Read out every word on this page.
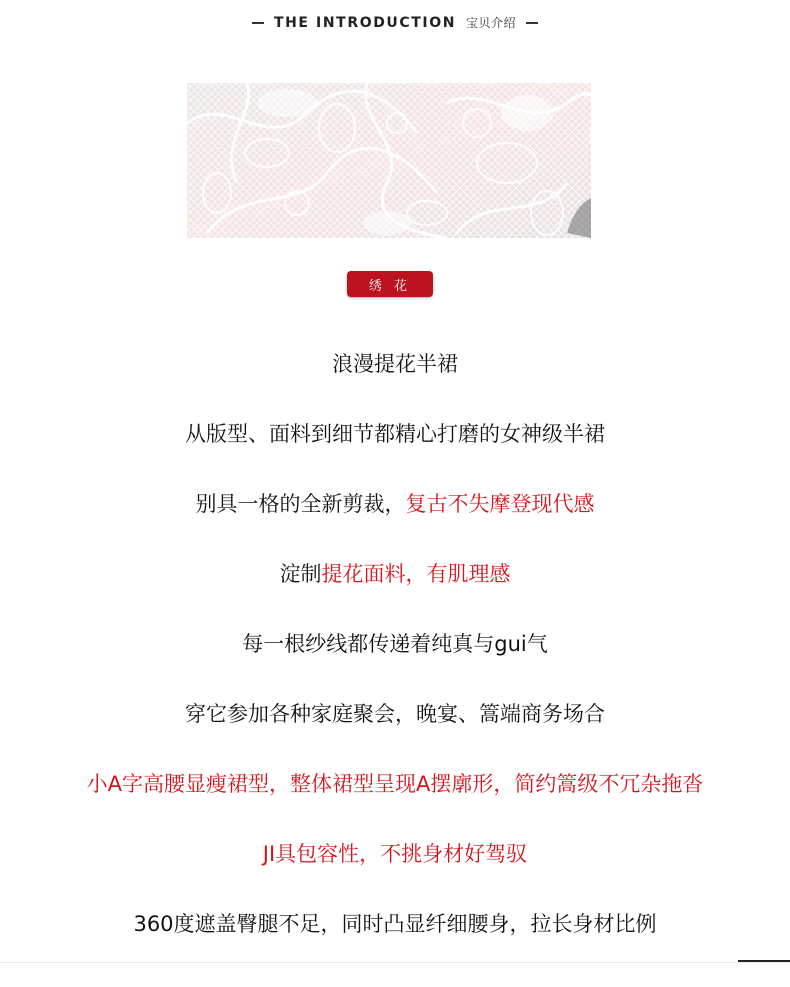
THE INTRODUCTION 宝贝介绍
绣 花
浪漫提花半裙
从版型、面料到细节都精心打磨的女神级半裙
别具一格的全新剪裁，复古不失摩登现代感
淀制提花面料，有肌理感
每一根纱线都传递着纯真与gui气
穿它参加各种家庭聚会，晚宴、篙端商务场合
小A字高腰显瘦裙型，整体裙型呈现A摆廓形，简约篙级不冗杂拖沓
JI具包容性，不挑身材好驾驭
360度遮盖臀腿不足，同时凸显纤细腰身，拉长身材比例
